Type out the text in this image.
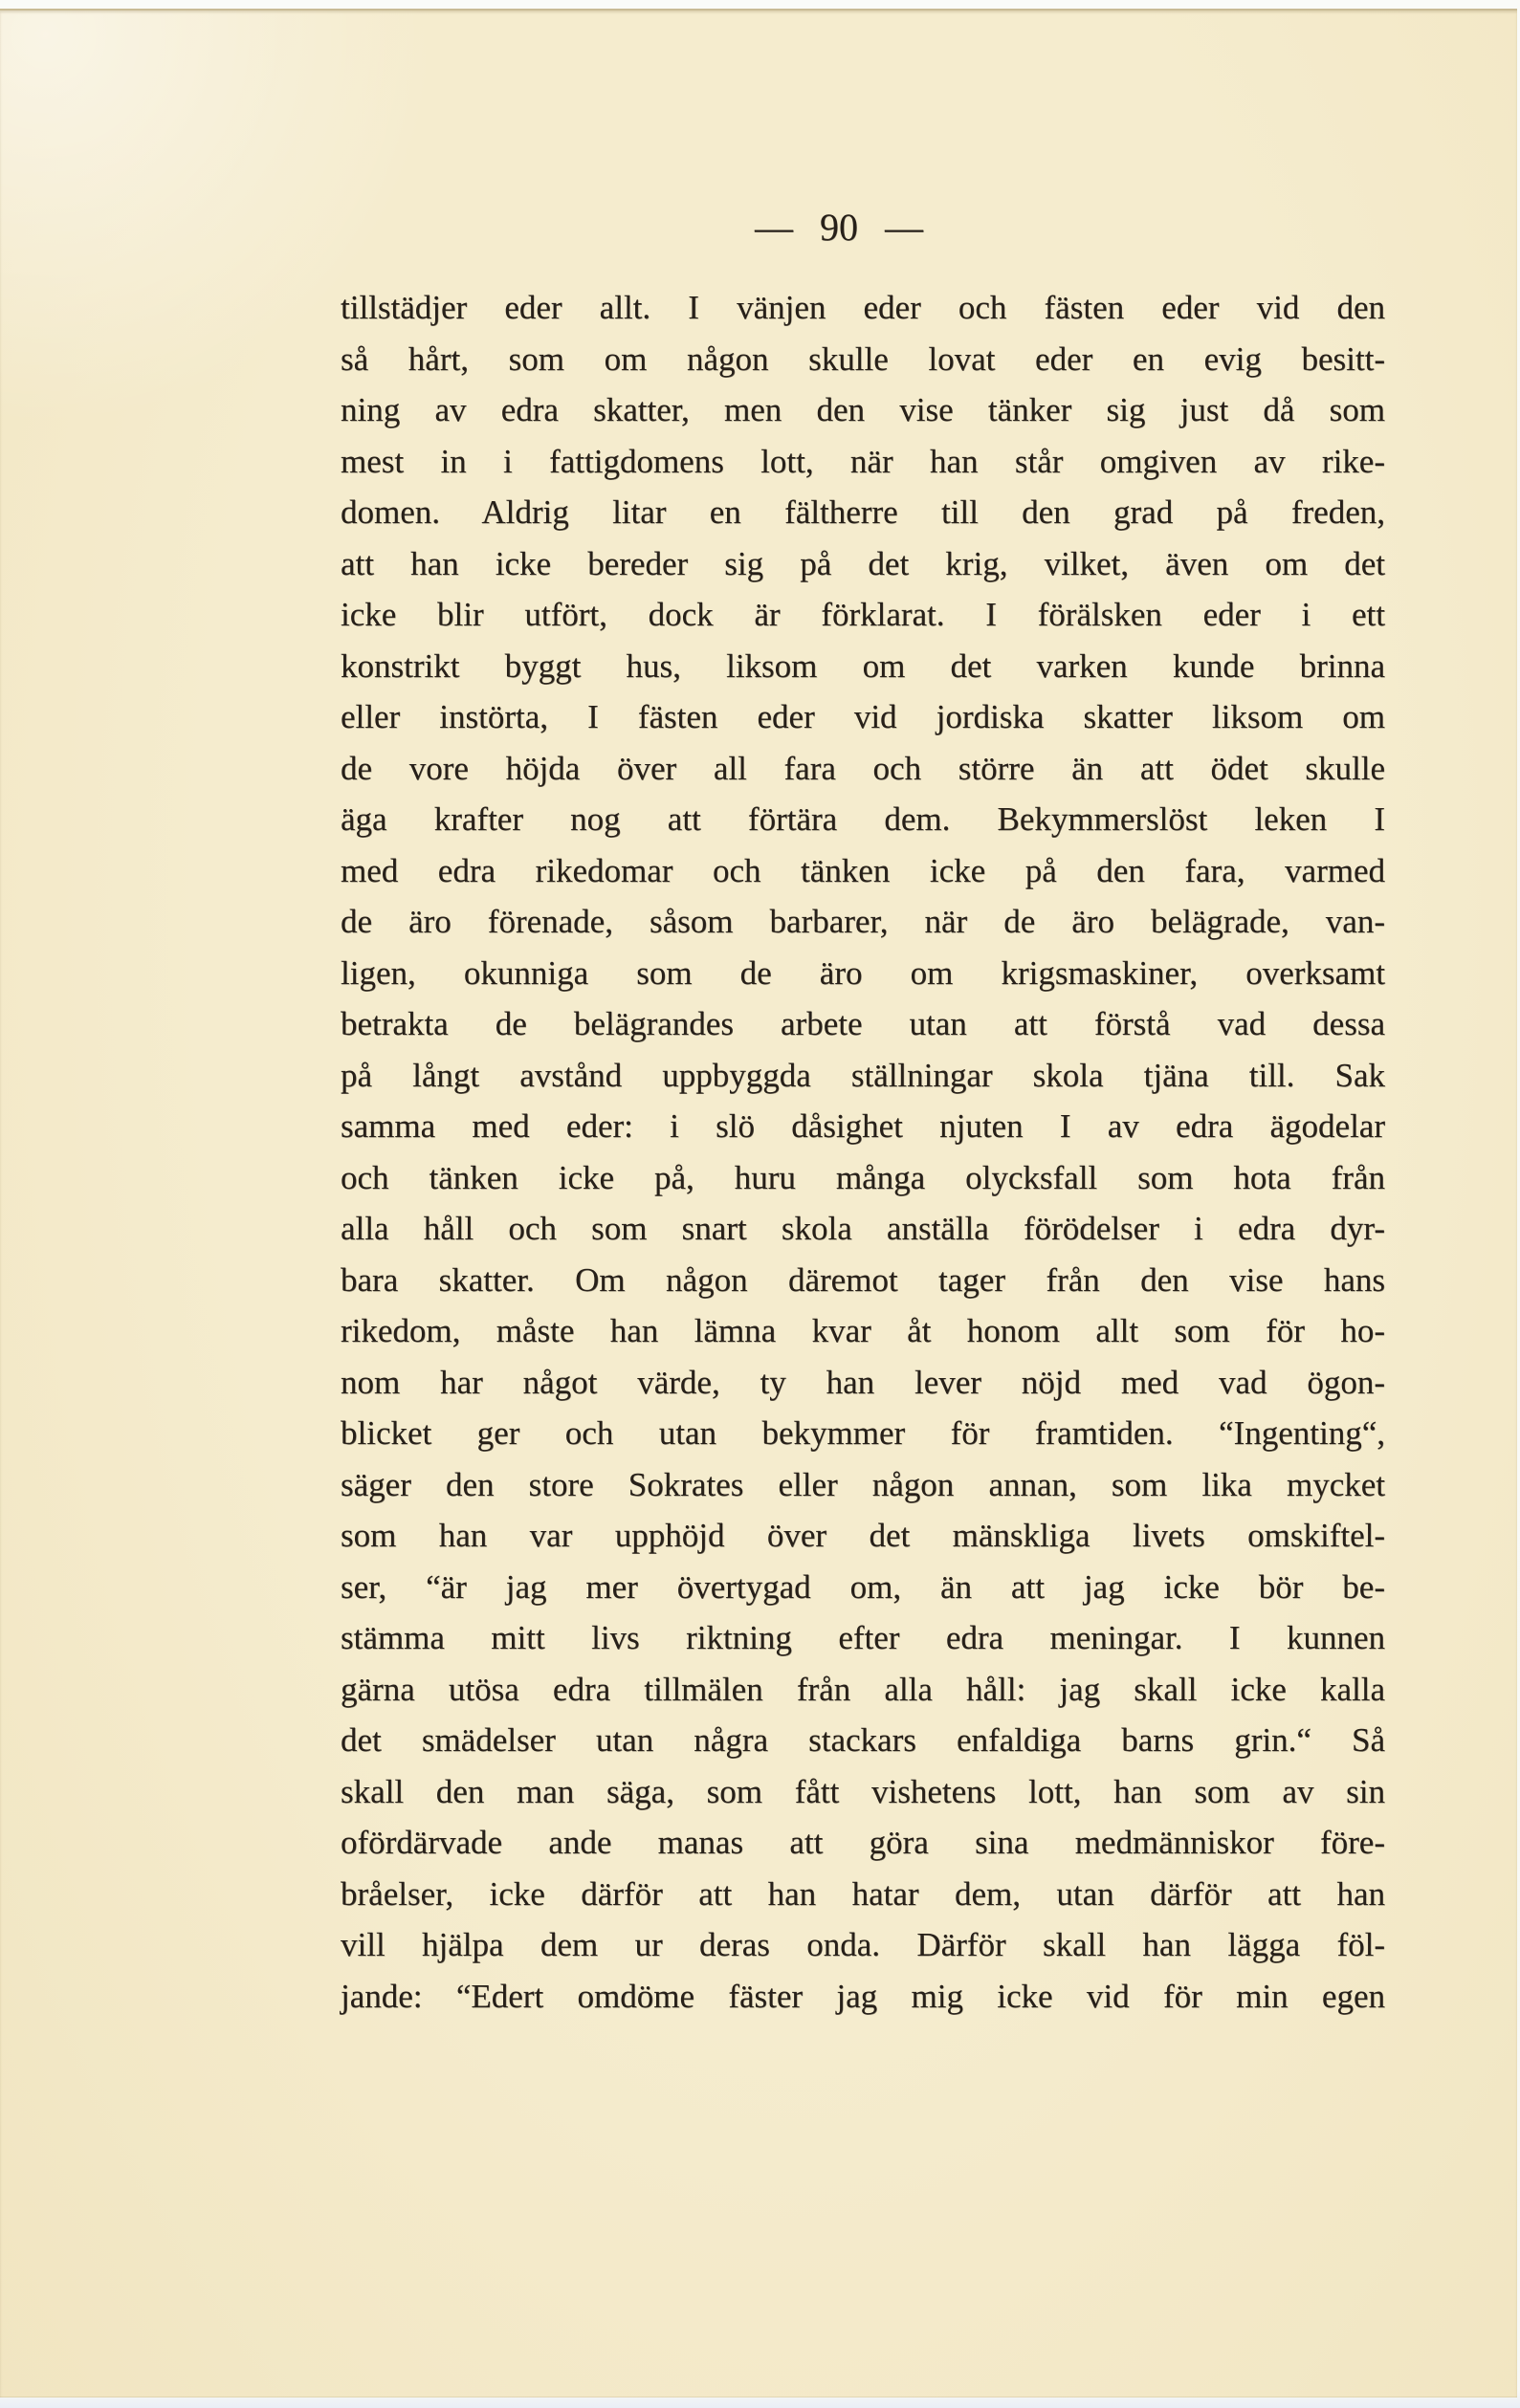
— 90 —
tillstädjer eder allt. I vänjen eder och fästen eder vid den
så hårt, som om någon skulle lovat eder en evig besitt-
ning av edra skatter, men den vise tänker sig just då som
mest in i fattigdomens lott, när han står omgiven av rike-
domen. Aldrig litar en fältherre till den grad på freden,
att han icke bereder sig på det krig, vilket, även om det
icke blir utfört, dock är förklarat. I förälsken eder i ett
konstrikt byggt hus, liksom om det varken kunde brinna
eller instörta, I fästen eder vid jordiska skatter liksom om
de vore höjda över all fara och större än att ödet skulle
äga krafter nog att förtära dem. Bekymmerslöst leken I
med edra rikedomar och tänken icke på den fara, varmed
de äro förenade, såsom barbarer, när de äro belägrade, van-
ligen, okunniga som de äro om krigsmaskiner, overksamt
betrakta de belägrandes arbete utan att förstå vad dessa
på långt avstånd uppbyggda ställningar skola tjäna till. Sak
samma med eder: i slö dåsighet njuten I av edra ägodelar
och tänken icke på, huru många olycksfall som hota från
alla håll och som snart skola anställa förödelser i edra dyr-
bara skatter. Om någon däremot tager från den vise hans
rikedom, måste han lämna kvar åt honom allt som för ho-
nom har något värde, ty han lever nöjd med vad ögon-
blicket ger och utan bekymmer för framtiden. “Ingenting“,
säger den store Sokrates eller någon annan, som lika mycket
som han var upphöjd över det mänskliga livets omskiftel-
ser, “är jag mer övertygad om, än att jag icke bör be-
stämma mitt livs riktning efter edra meningar. I kunnen
gärna utösa edra tillmälen från alla håll: jag skall icke kalla
det smädelser utan några stackars enfaldiga barns grin.“ Så
skall den man säga, som fått vishetens lott, han som av sin
ofördärvade ande manas att göra sina medmänniskor före-
bråelser, icke därför att han hatar dem, utan därför att han
vill hjälpa dem ur deras onda. Därför skall han lägga föl-
jande: “Edert omdöme fäster jag mig icke vid för min egen
